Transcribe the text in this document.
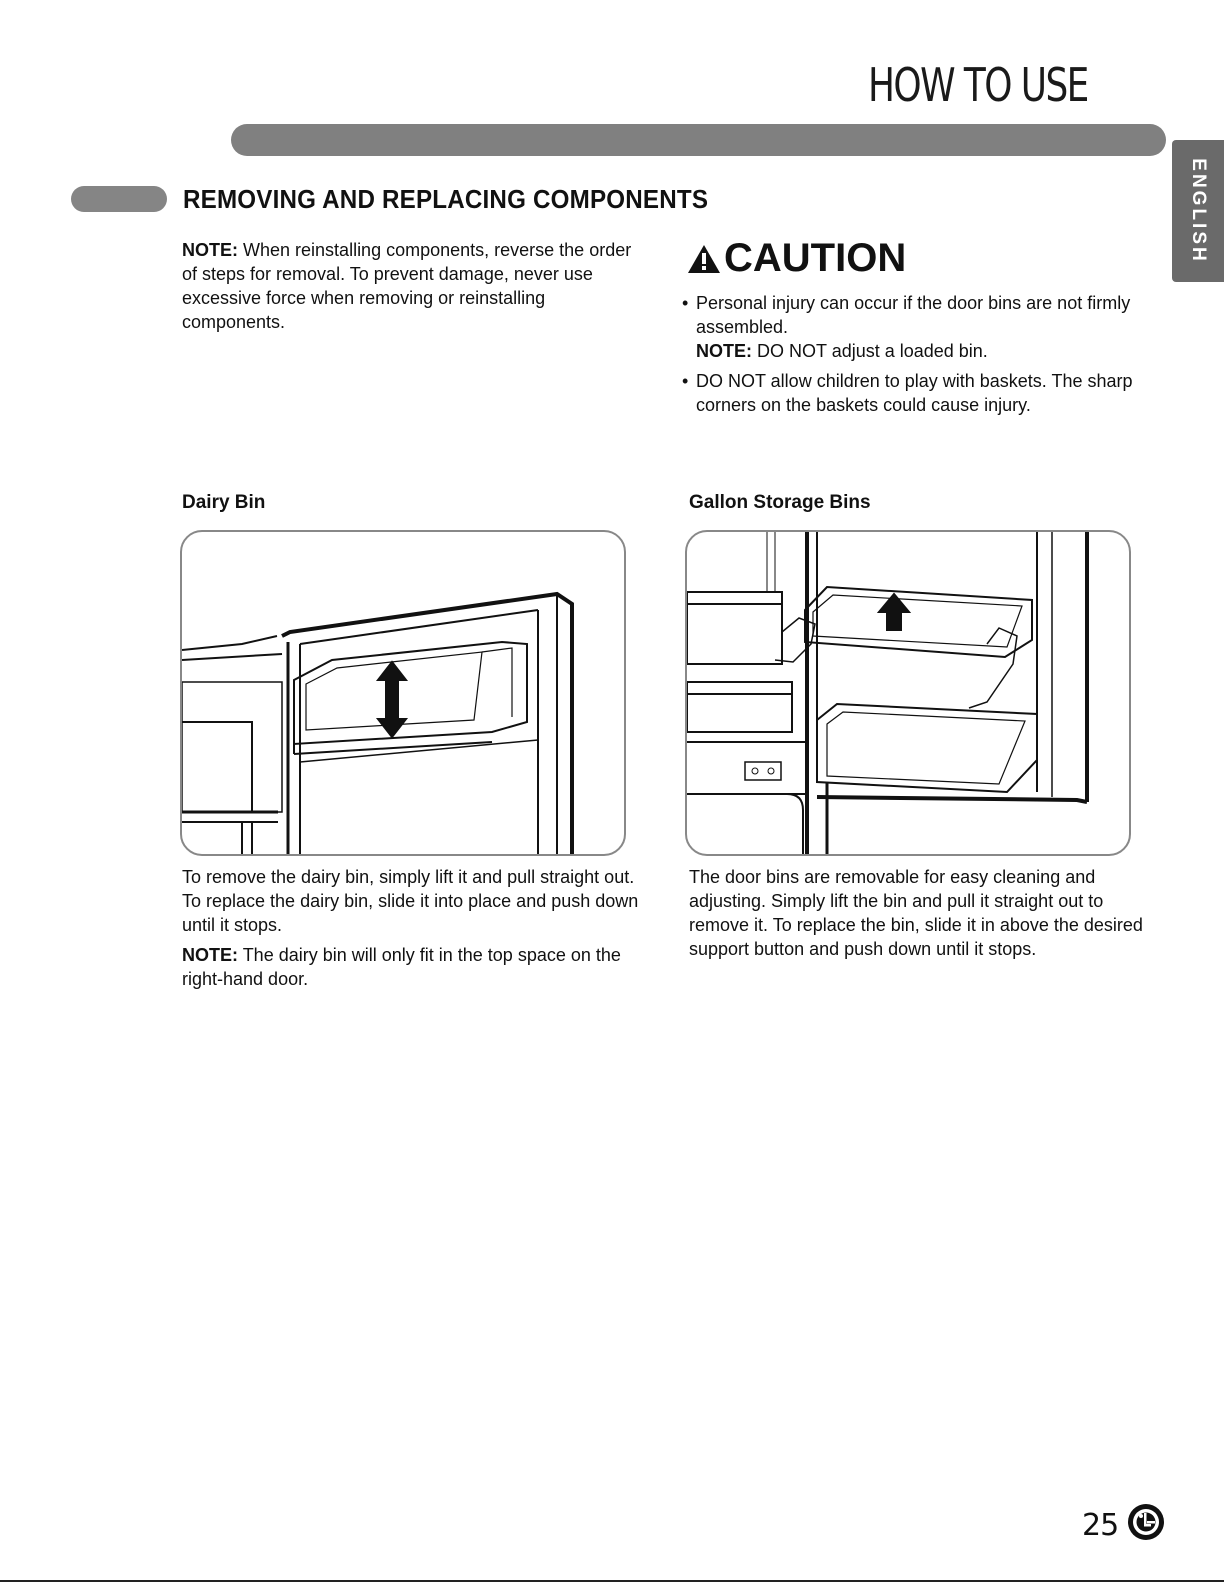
HOW TO USE
ENGLISH
REMOVING AND REPLACING COMPONENTS
NOTE: When reinstalling components, reverse the order of steps for removal. To prevent damage, never use excessive force when removing or reinstalling components.
CAUTION
• Personal injury can occur if the door bins are not firmly assembled.
NOTE: DO NOT adjust a loaded bin.
• DO NOT allow children to play with baskets. The sharp corners on the baskets could cause injury.
Dairy Bin	Gallon Storage Bins

To remove the dairy bin, simply lift it and pull straight out. To replace the dairy bin, slide it into place and push down until it stops.

NOTE: The dairy bin will only fit in the top space on the right-hand door.

The door bins are removable for easy cleaning and adjusting. Simply lift the bin and pull it straight out to remove it. To replace the bin, slide it in above the desired support button and push down until it stops.

25
